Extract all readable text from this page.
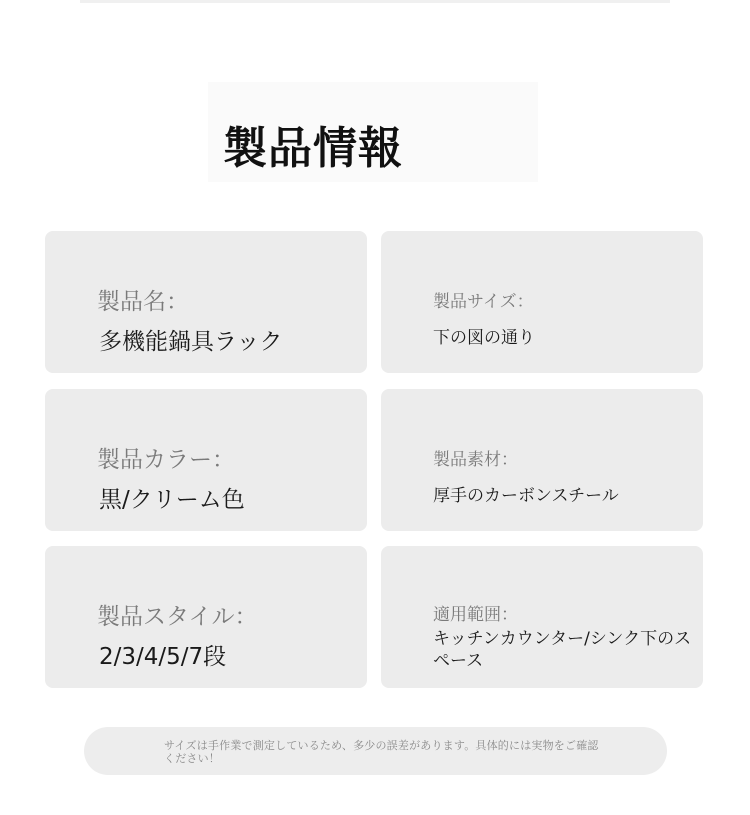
製品情報
製品名：
多機能鍋具ラック
製品サイズ：
下の図の通り
製品カラー：
黒/クリーム色
製品素材：
厚手のカーボンスチール
製品スタイル：
2/3/4/5/7段
適用範囲：
キッチンカウンター/シンク下のスペース
サイズは手作業で測定しているため、多少の誤差があります。具体的には実物をご確認ください！
